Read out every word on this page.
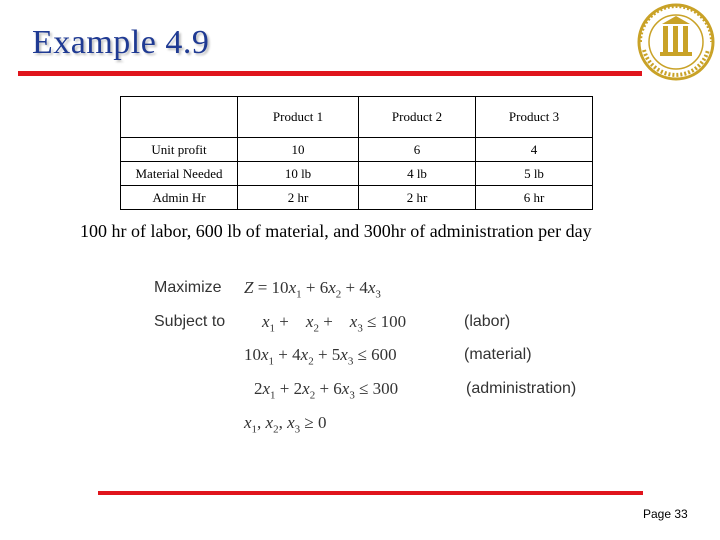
Example 4.9
	Product 1	Product 2	Product 3
Unit profit	10	6	4
Material Needed	10 lb	4 lb	5 lb
Admin Hr	2 hr	2 hr	6 hr
100 hr of labor, 600 lb of material, and 300hr of administration per day
Maximize $Z = 10x_1 + 6x_2 + 4x_3$
Subject to $x_1$ +    $x_2$ +    $x_3 \le 100$	(labor)
$10x_1 + 4x_2 + 5x_3 \le 600$	(material)
$2x_1 + 2x_2 + 6x_3 \le 300$	(administration)
$x_1$, $x_2$, $x_3 \ge 0$
Page 33
